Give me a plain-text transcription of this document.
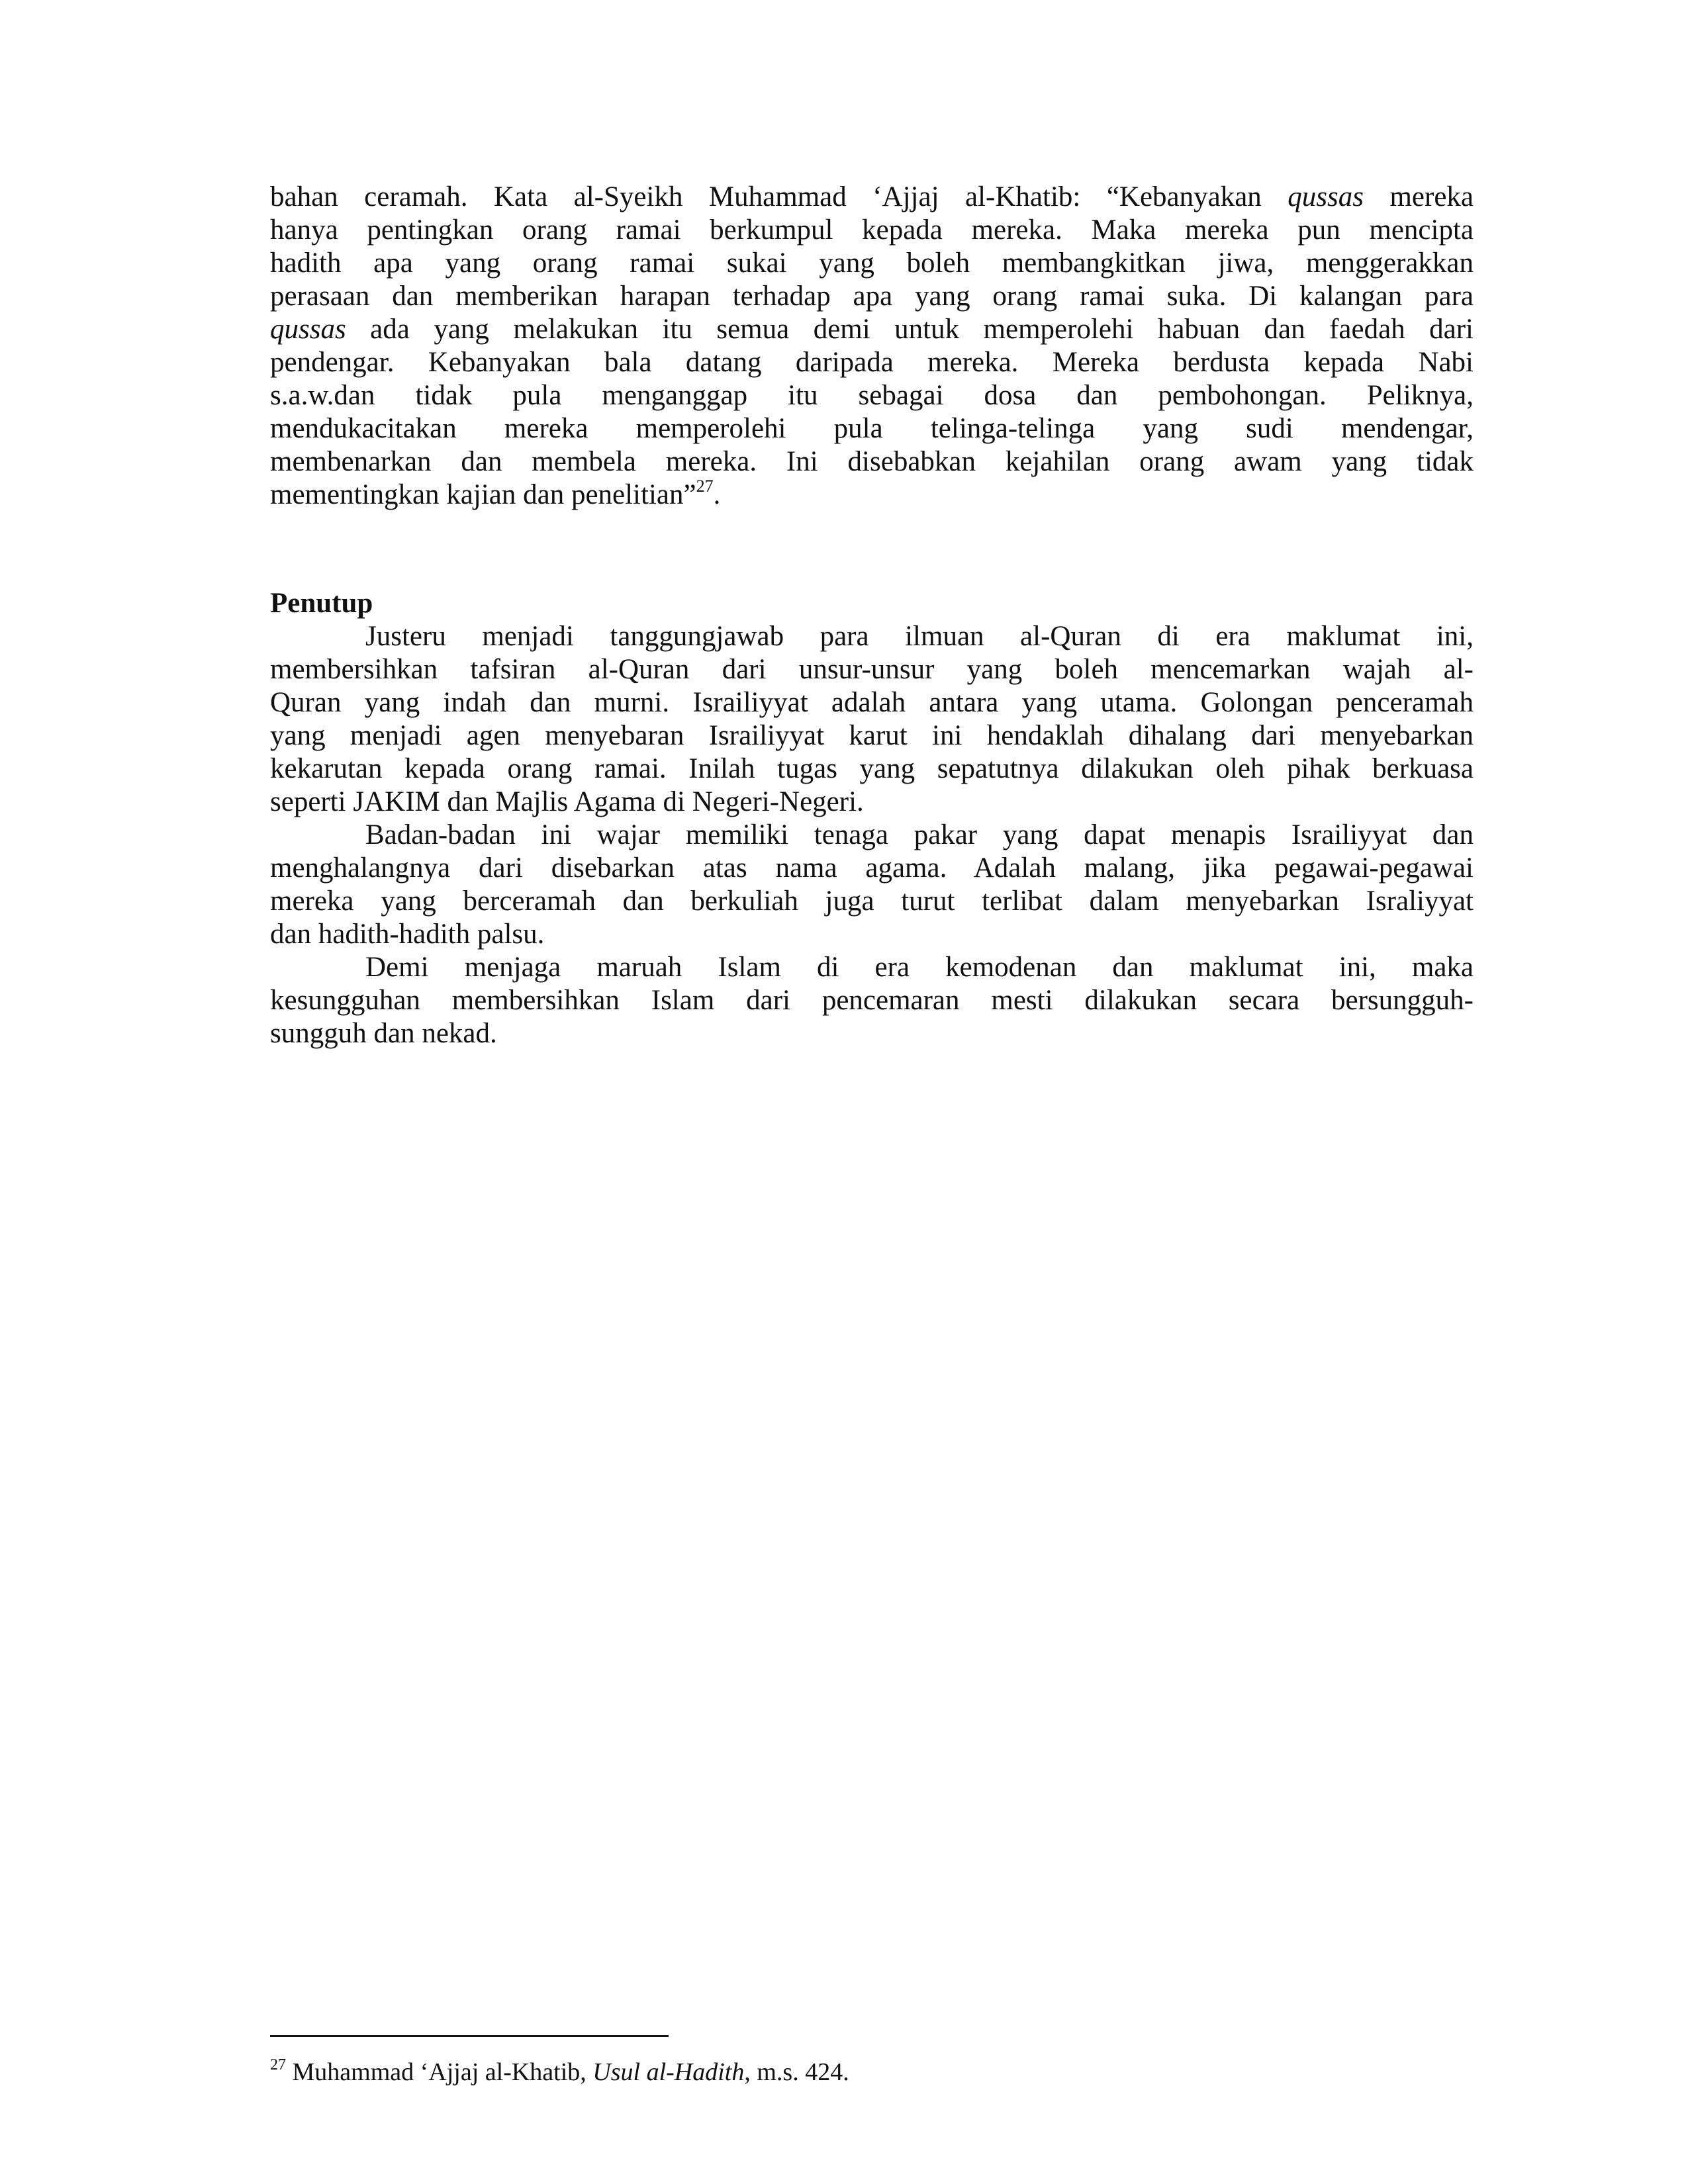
bahan ceramah. Kata al-Syeikh Muhammad ‘Ajjaj al-Khatib: “Kebanyakan qussas mereka
hanya pentingkan orang ramai berkumpul kepada mereka. Maka mereka pun mencipta
hadith apa yang orang ramai sukai yang boleh membangkitkan jiwa, menggerakkan
perasaan dan memberikan harapan terhadap apa yang orang ramai suka. Di kalangan para
qussas ada yang melakukan itu semua demi untuk memperolehi habuan dan faedah dari
pendengar. Kebanyakan bala datang daripada mereka. Mereka berdusta kepada Nabi
s.a.w.dan tidak pula menganggap itu sebagai dosa dan pembohongan. Peliknya,
mendukacitakan mereka memperolehi pula telinga-telinga yang sudi mendengar,
membenarkan dan membela mereka. Ini disebabkan kejahilan orang awam yang tidak
mementingkan kajian dan penelitian”$^{27}$.
Penutup
Justeru menjadi tanggungjawab para ilmuan al-Quran di era maklumat ini,
membersihkan tafsiran al-Quran dari unsur-unsur yang boleh mencemarkan wajah al-
Quran yang indah dan murni. Israiliyyat adalah antara yang utama. Golongan penceramah
yang menjadi agen menyebaran Israiliyyat karut ini hendaklah dihalang dari menyebarkan
kekarutan kepada orang ramai. Inilah tugas yang sepatutnya dilakukan oleh pihak berkuasa
seperti JAKIM dan Majlis Agama di Negeri-Negeri.
Badan-badan ini wajar memiliki tenaga pakar yang dapat menapis Israiliyyat dan
menghalangnya dari disebarkan atas nama agama. Adalah malang, jika pegawai-pegawai
mereka yang berceramah dan berkuliah juga turut terlibat dalam menyebarkan Israliyyat
dan hadith-hadith palsu.
Demi menjaga maruah Islam di era kemodenan dan maklumat ini, maka
kesungguhan membersihkan Islam dari pencemaran mesti dilakukan secara bersungguh-
sungguh dan nekad.
$^{27}$ Muhammad ‘Ajjaj al-Khatib, Usul al-Hadith, m.s. 424.
